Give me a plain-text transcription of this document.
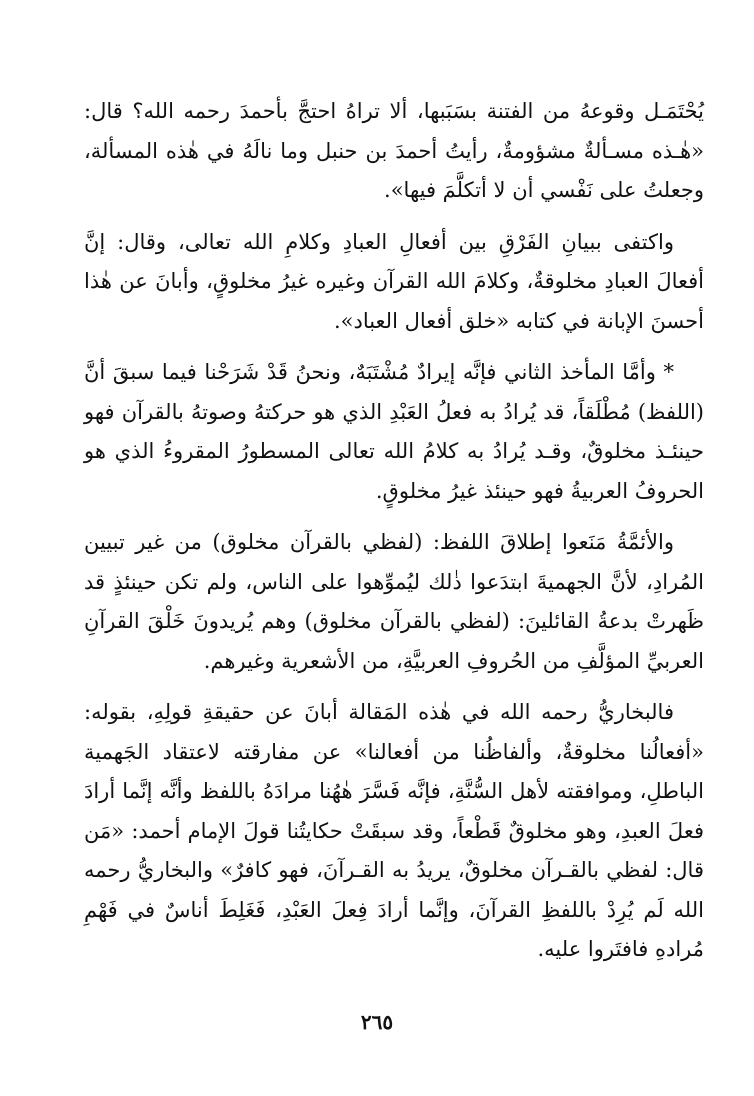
يُحْتَمَـل وقوعهُ من الفتنة بسَبَبها، ألا تراهُ احتجَّ بأحمدَ رحمه الله؟ قال: «هٰـذه مسـألةٌ مشؤومةٌ، رأيتُ أحمدَ بن حنبل وما نالَهُ في هٰذه المسألة، وجعلتُ على نَفْسي أن لا أتكلَّمَ فيها».

واكتفى ببيانِ الفَرْقِ بين أفعالِ العبادِ وكلامِ الله تعالى، وقال: إنَّ أفعالَ العبادِ مخلوقةٌ، وكلامَ الله القرآن وغيره غيرُ مخلوقٍ، وأبانَ عن هٰذا أحسنَ الإبانة في كتابه «خلق أفعال العباد».

* وأمَّا المأخذ الثاني فإنَّه إيرادٌ مُشْتَبَهٌ، ونحنُ قَدْ شَرَحْنا فيما سبقَ أنَّ (اللفظ) مُطْلَقاً، قد يُرادُ به فعلُ العَبْدِ الذي هو حركتهُ وصوتهُ بالقرآن فهو حينئـذ مخلوقٌ، وقـد يُرادُ به كلامُ الله تعالى المسطورُ المقروءُ الذي هو الحروفُ العربيةُ فهو حينئذ غيرُ مخلوقٍ.

والأئمَّةُ مَنَعوا إطلاقَ اللفظ: (لفظي بالقرآن مخلوق) من غير تبيين المُرادِ، لأنَّ الجهميةَ ابتدَعوا ذٰلك ليُموِّهوا على الناس، ولم تكن حينئذٍ قد ظَهرتْ بدعةُ القائلينَ: (لفظي بالقرآن مخلوق) وهم يُريدونَ خَلْقَ القرآنِ العربيِّ المؤلَّفِ من الحُروفِ العربيَّةِ، من الأشعرية وغيرهم.

فالبخاريُّ رحمه الله في هٰذه المَقالة أبانَ عن حقيقةِ قولِهِ، بقوله: «أفعالُنا مخلوقةٌ، وألفاظُنا من أفعالنا» عن مفارقته لاعتقاد الجَهمية الباطلِ، وموافقته لأهل السُّنَّةِ، فإنَّه فَسَّرَ هٰهُنا مرادَهُ باللفظ وأنَّه إنَّما أرادَ فعلَ العبدِ، وهو مخلوقٌ قَطْعاً، وقد سبقَتْ حكايتُنا قولَ الإمام أحمد: «مَن قال: لفظي بالقـرآن مخلوقٌ، يريدُ به القـرآنَ، فهو كافرٌ» والبخاريُّ رحمه الله لَم يُرِدْ باللفظِ القرآنَ، وإنَّما أرادَ فِعلَ العَبْدِ، فَغَلِطَ أناسٌ في فَهْمِ مُرادهِ فافتَروا عليه.

٢٦٥
